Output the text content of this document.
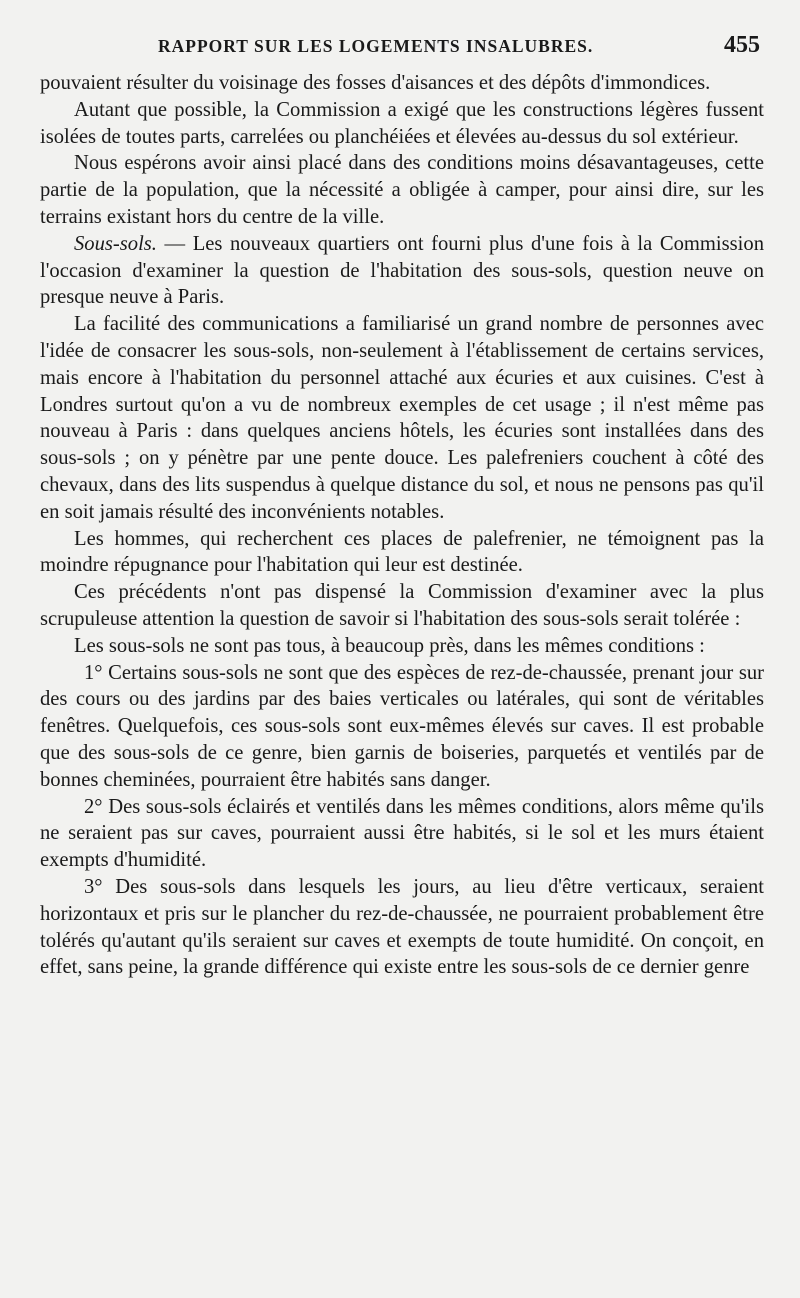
RAPPORT SUR LES LOGEMENTS INSALUBRES.	455

pouvaient résulter du voisinage des fosses d'aisances et des dépôts d'immondices.

Autant que possible, la Commission a exigé que les constructions légères fussent isolées de toutes parts, carrelées ou planchéiées et élevées au-dessus du sol extérieur.

Nous espérons avoir ainsi placé dans des conditions moins désavantageuses, cette partie de la population, que la nécessité a obligée à camper, pour ainsi dire, sur les terrains existant hors du centre de la ville.

Sous-sols. — Les nouveaux quartiers ont fourni plus d'une fois à la Commission l'occasion d'examiner la question de l'habitation des sous-sols, question neuve on presque neuve à Paris.

La facilité des communications a familiarisé un grand nombre de personnes avec l'idée de consacrer les sous-sols, non-seulement à l'établissement de certains services, mais encore à l'habitation du personnel attaché aux écuries et aux cuisines. C'est à Londres surtout qu'on a vu de nombreux exemples de cet usage ; il n'est même pas nouveau à Paris : dans quelques anciens hôtels, les écuries sont installées dans des sous-sols ; on y pénètre par une pente douce. Les palefreniers couchent à côté des chevaux, dans des lits suspendus à quelque distance du sol, et nous ne pensons pas qu'il en soit jamais résulté des inconvénients notables.

Les hommes, qui recherchent ces places de palefrenier, ne témoignent pas la moindre répugnance pour l'habitation qui leur est destinée.

Ces précédents n'ont pas dispensé la Commission d'examiner avec la plus scrupuleuse attention la question de savoir si l'habitation des sous-sols serait tolérée :

Les sous-sols ne sont pas tous, à beaucoup près, dans les mêmes conditions :

1° Certains sous-sols ne sont que des espèces de rez-de-chaussée, prenant jour sur des cours ou des jardins par des baies verticales ou latérales, qui sont de véritables fenêtres. Quelquefois, ces sous-sols sont eux-mêmes élevés sur caves. Il est probable que des sous-sols de ce genre, bien garnis de boiseries, parquetés et ventilés par de bonnes cheminées, pourraient être habités sans danger.

2° Des sous-sols éclairés et ventilés dans les mêmes conditions, alors même qu'ils ne seraient pas sur caves, pourraient aussi être habités, si le sol et les murs étaient exempts d'humidité.

3° Des sous-sols dans lesquels les jours, au lieu d'être verticaux, seraient horizontaux et pris sur le plancher du rez-de-chaussée, ne pourraient probablement être tolérés qu'autant qu'ils seraient sur caves et exempts de toute humidité. On conçoit, en effet, sans peine, la grande différence qui existe entre les sous-sols de ce dernier genre
